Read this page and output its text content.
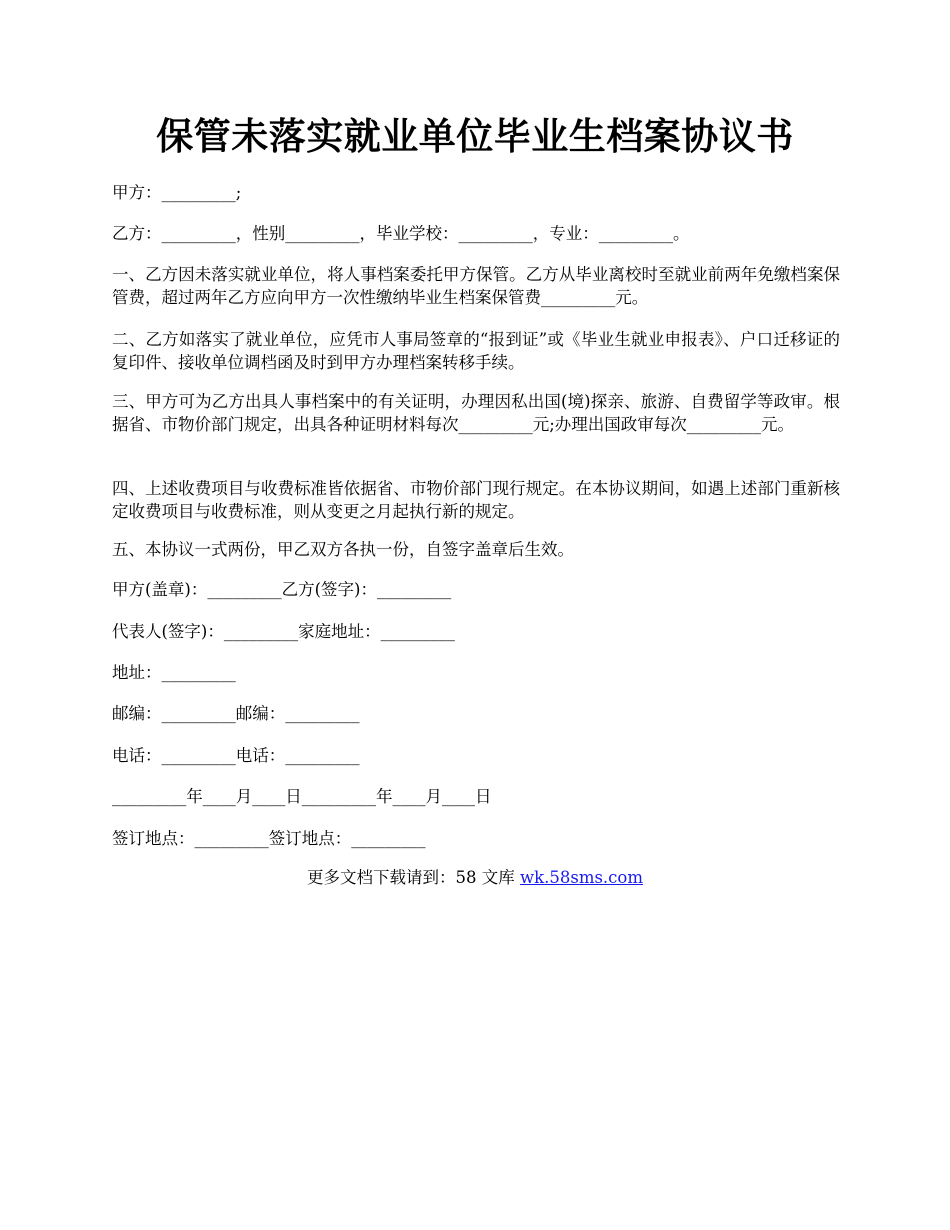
保管未落实就业单位毕业生档案协议书
甲方：_________;
乙方：_________，性别_________，毕业学校：_________，专业：_________。
一、乙方因未落实就业单位，将人事档案委托甲方保管。乙方从毕业离校时至就业前两年免缴档案保管费，超过两年乙方应向甲方一次性缴纳毕业生档案保管费_________元。
二、乙方如落实了就业单位，应凭市人事局签章的“报到证”或《毕业生就业申报表》、户口迁移证的复印件、接收单位调档函及时到甲方办理档案转移手续。
三、甲方可为乙方出具人事档案中的有关证明，办理因私出国(境)探亲、旅游、自费留学等政审。根据省、市物价部门规定，出具各种证明材料每次_________元;办理出国政审每次_________元。
四、上述收费项目与收费标准皆依据省、市物价部门现行规定。在本协议期间，如遇上述部门重新核定收费项目与收费标准，则从变更之月起执行新的规定。
五、本协议一式两份，甲乙双方各执一份，自签字盖章后生效。
甲方(盖章)：_________乙方(签字)：_________
代表人(签字)：_________家庭地址：_________
地址：_________
邮编：_________邮编：_________
电话：_________电话：_________
_________年____月____日_________年____月____日
签订地点：_________签订地点：_________
更多文档下载请到：58 文库 wk.58sms.com
